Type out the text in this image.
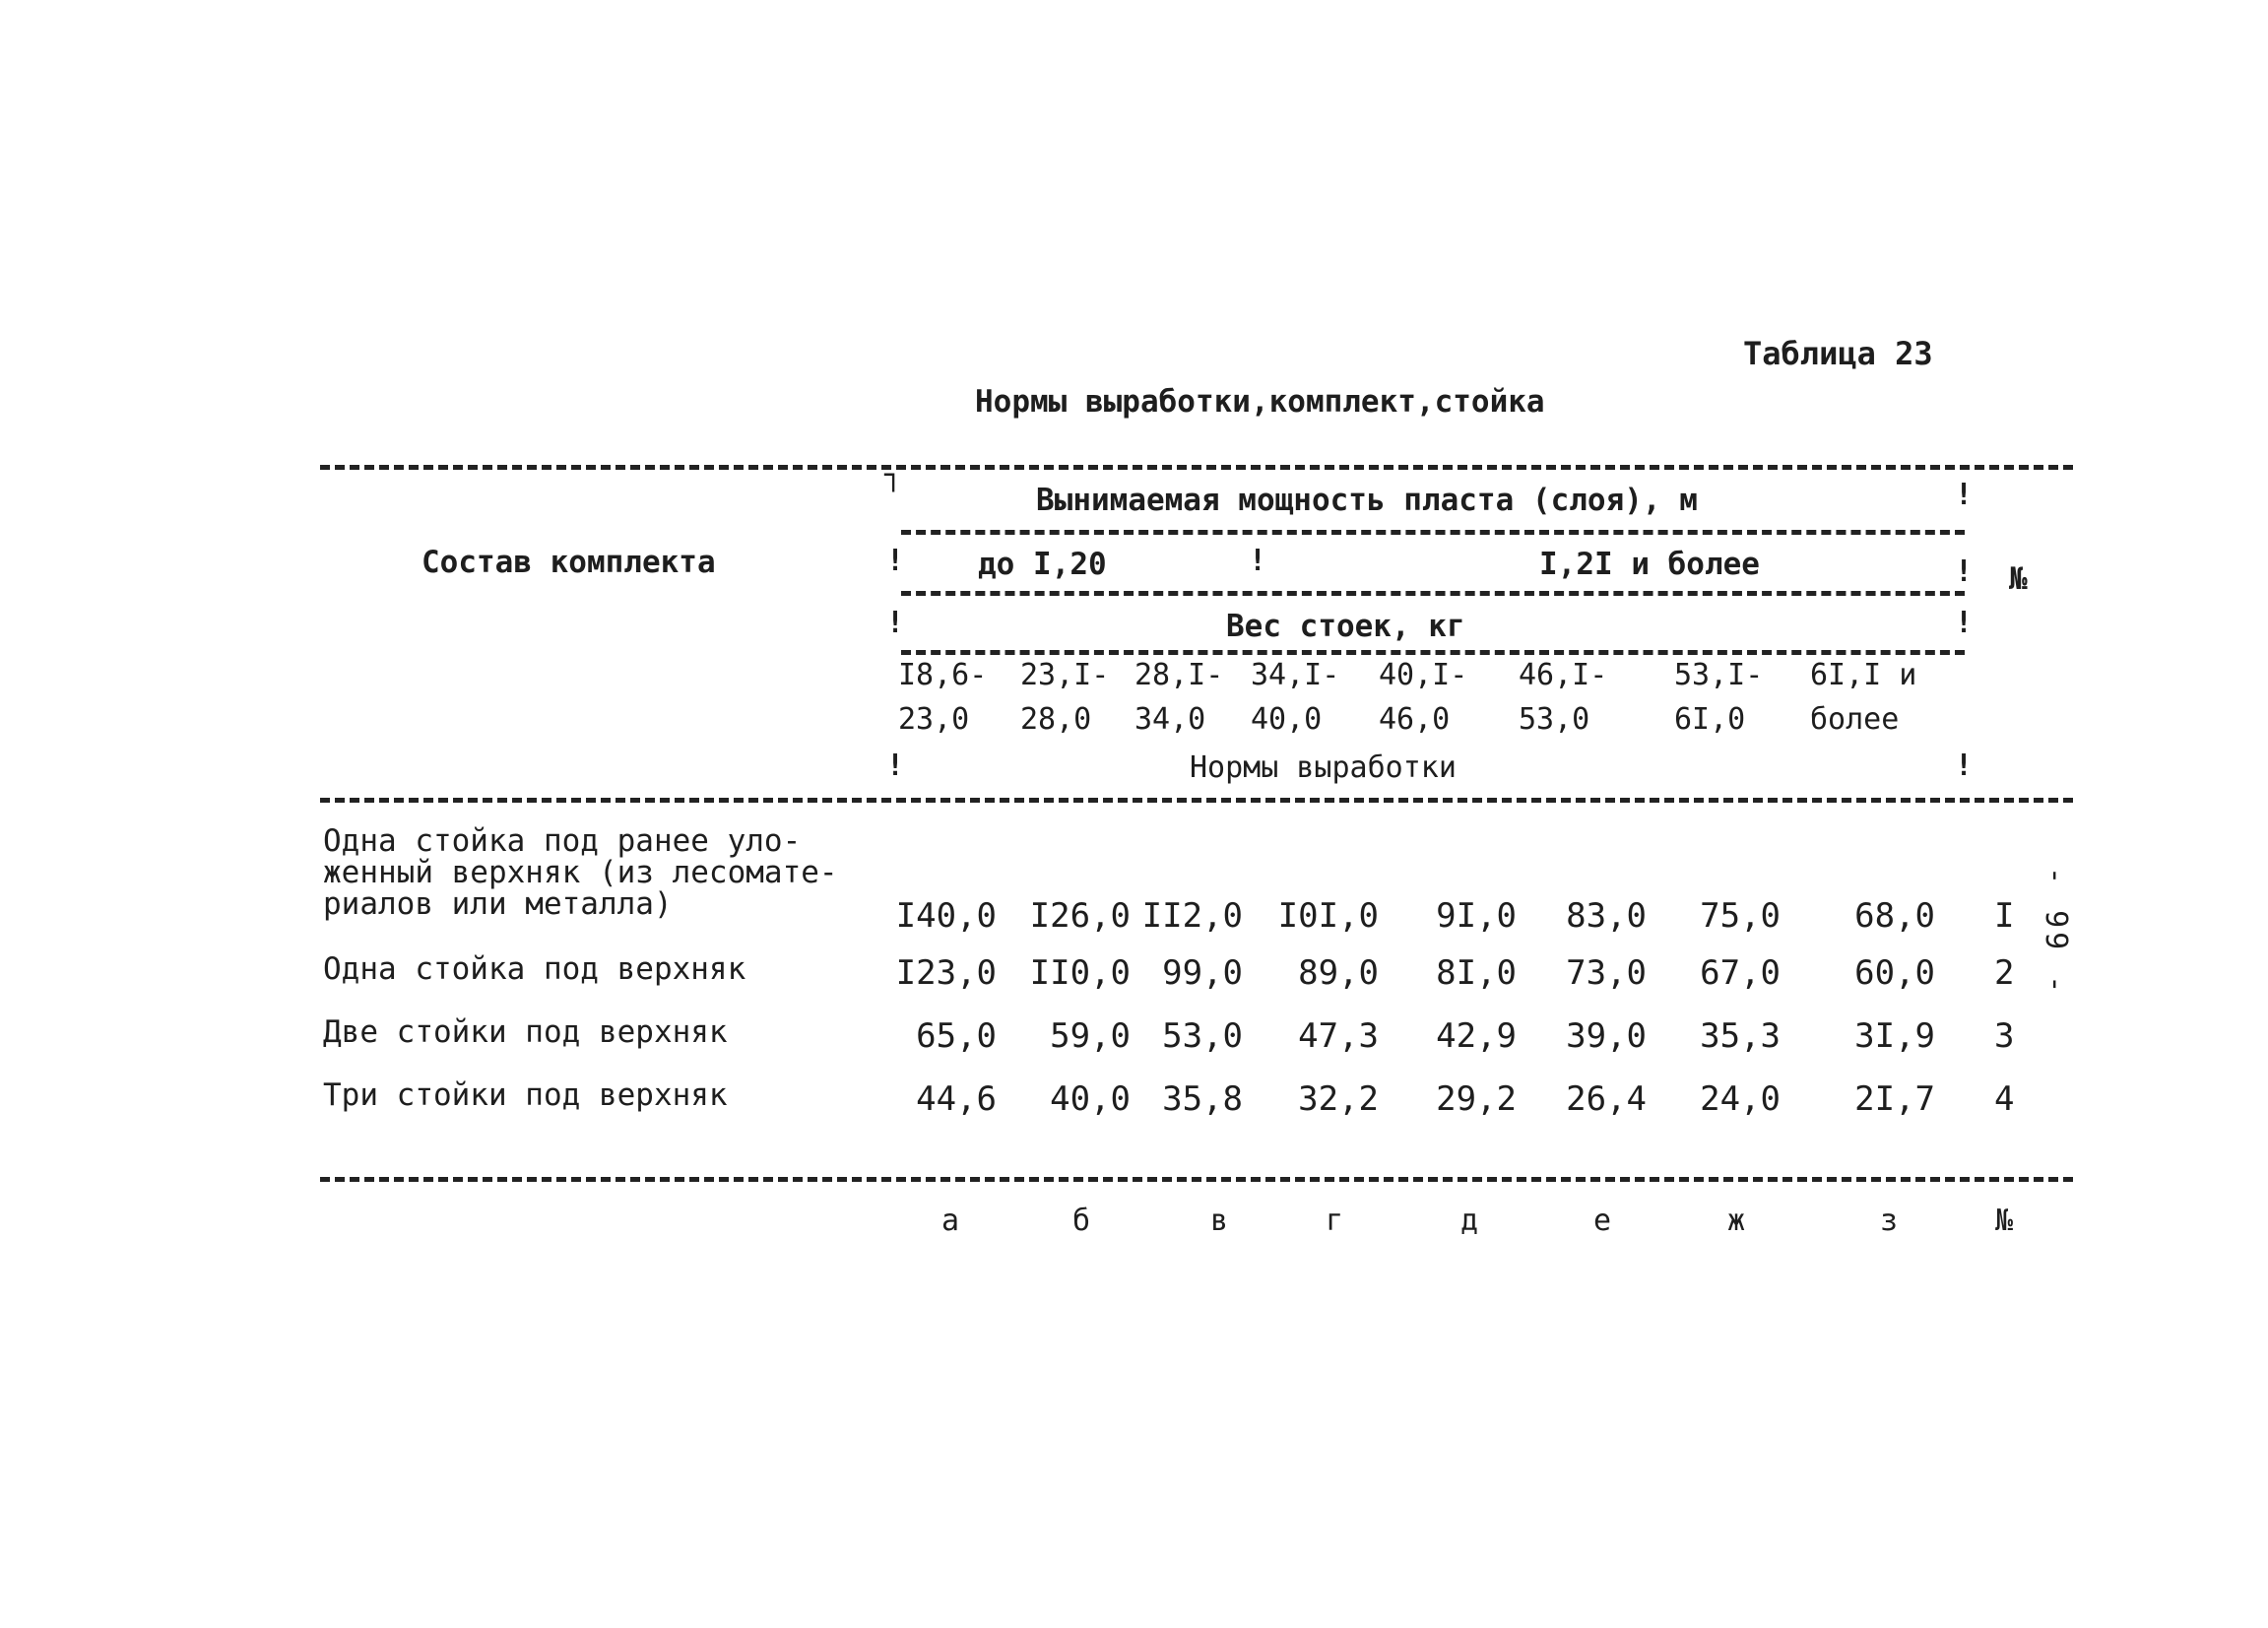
Таблица 23
Нормы выработки,комплект,стойка
┐
!
!
!
!
!
!
!
!
Состав комплекта
Вынимаемая мощность пласта (слоя), м
до I,20	I,2I и более
Вес стоек, кг
№
Нормы выработки
I8,6-
23,0
23,I-
28,0
28,I-
34,0
34,I-
40,0
40,I-
46,0
46,I-
53,0
53,I-
6I,0
6I,I и
более
Одна стойка под ранее уло-
женный верхняк (из лесомате-
риалов или металла)	I40,0 I26,0 II2,0	I0I,0	9I,0	83,0	75,0	68,0 I
Одна стойка под верхняк	I23,0 II0,0 99,0	89,0	8I,0	73,0	67,0	60,0 2
Две стойки под верхняк	65,0	59,0 53,0	47,3	42,9	39,0	35,3	3I,9 3
Три стойки под верхняк	44,6	40,0 35,8	32,2	29,2	26,4	24,0	2I,7 4
а	б	в	г	д	е	ж	з	№
- 99 -
